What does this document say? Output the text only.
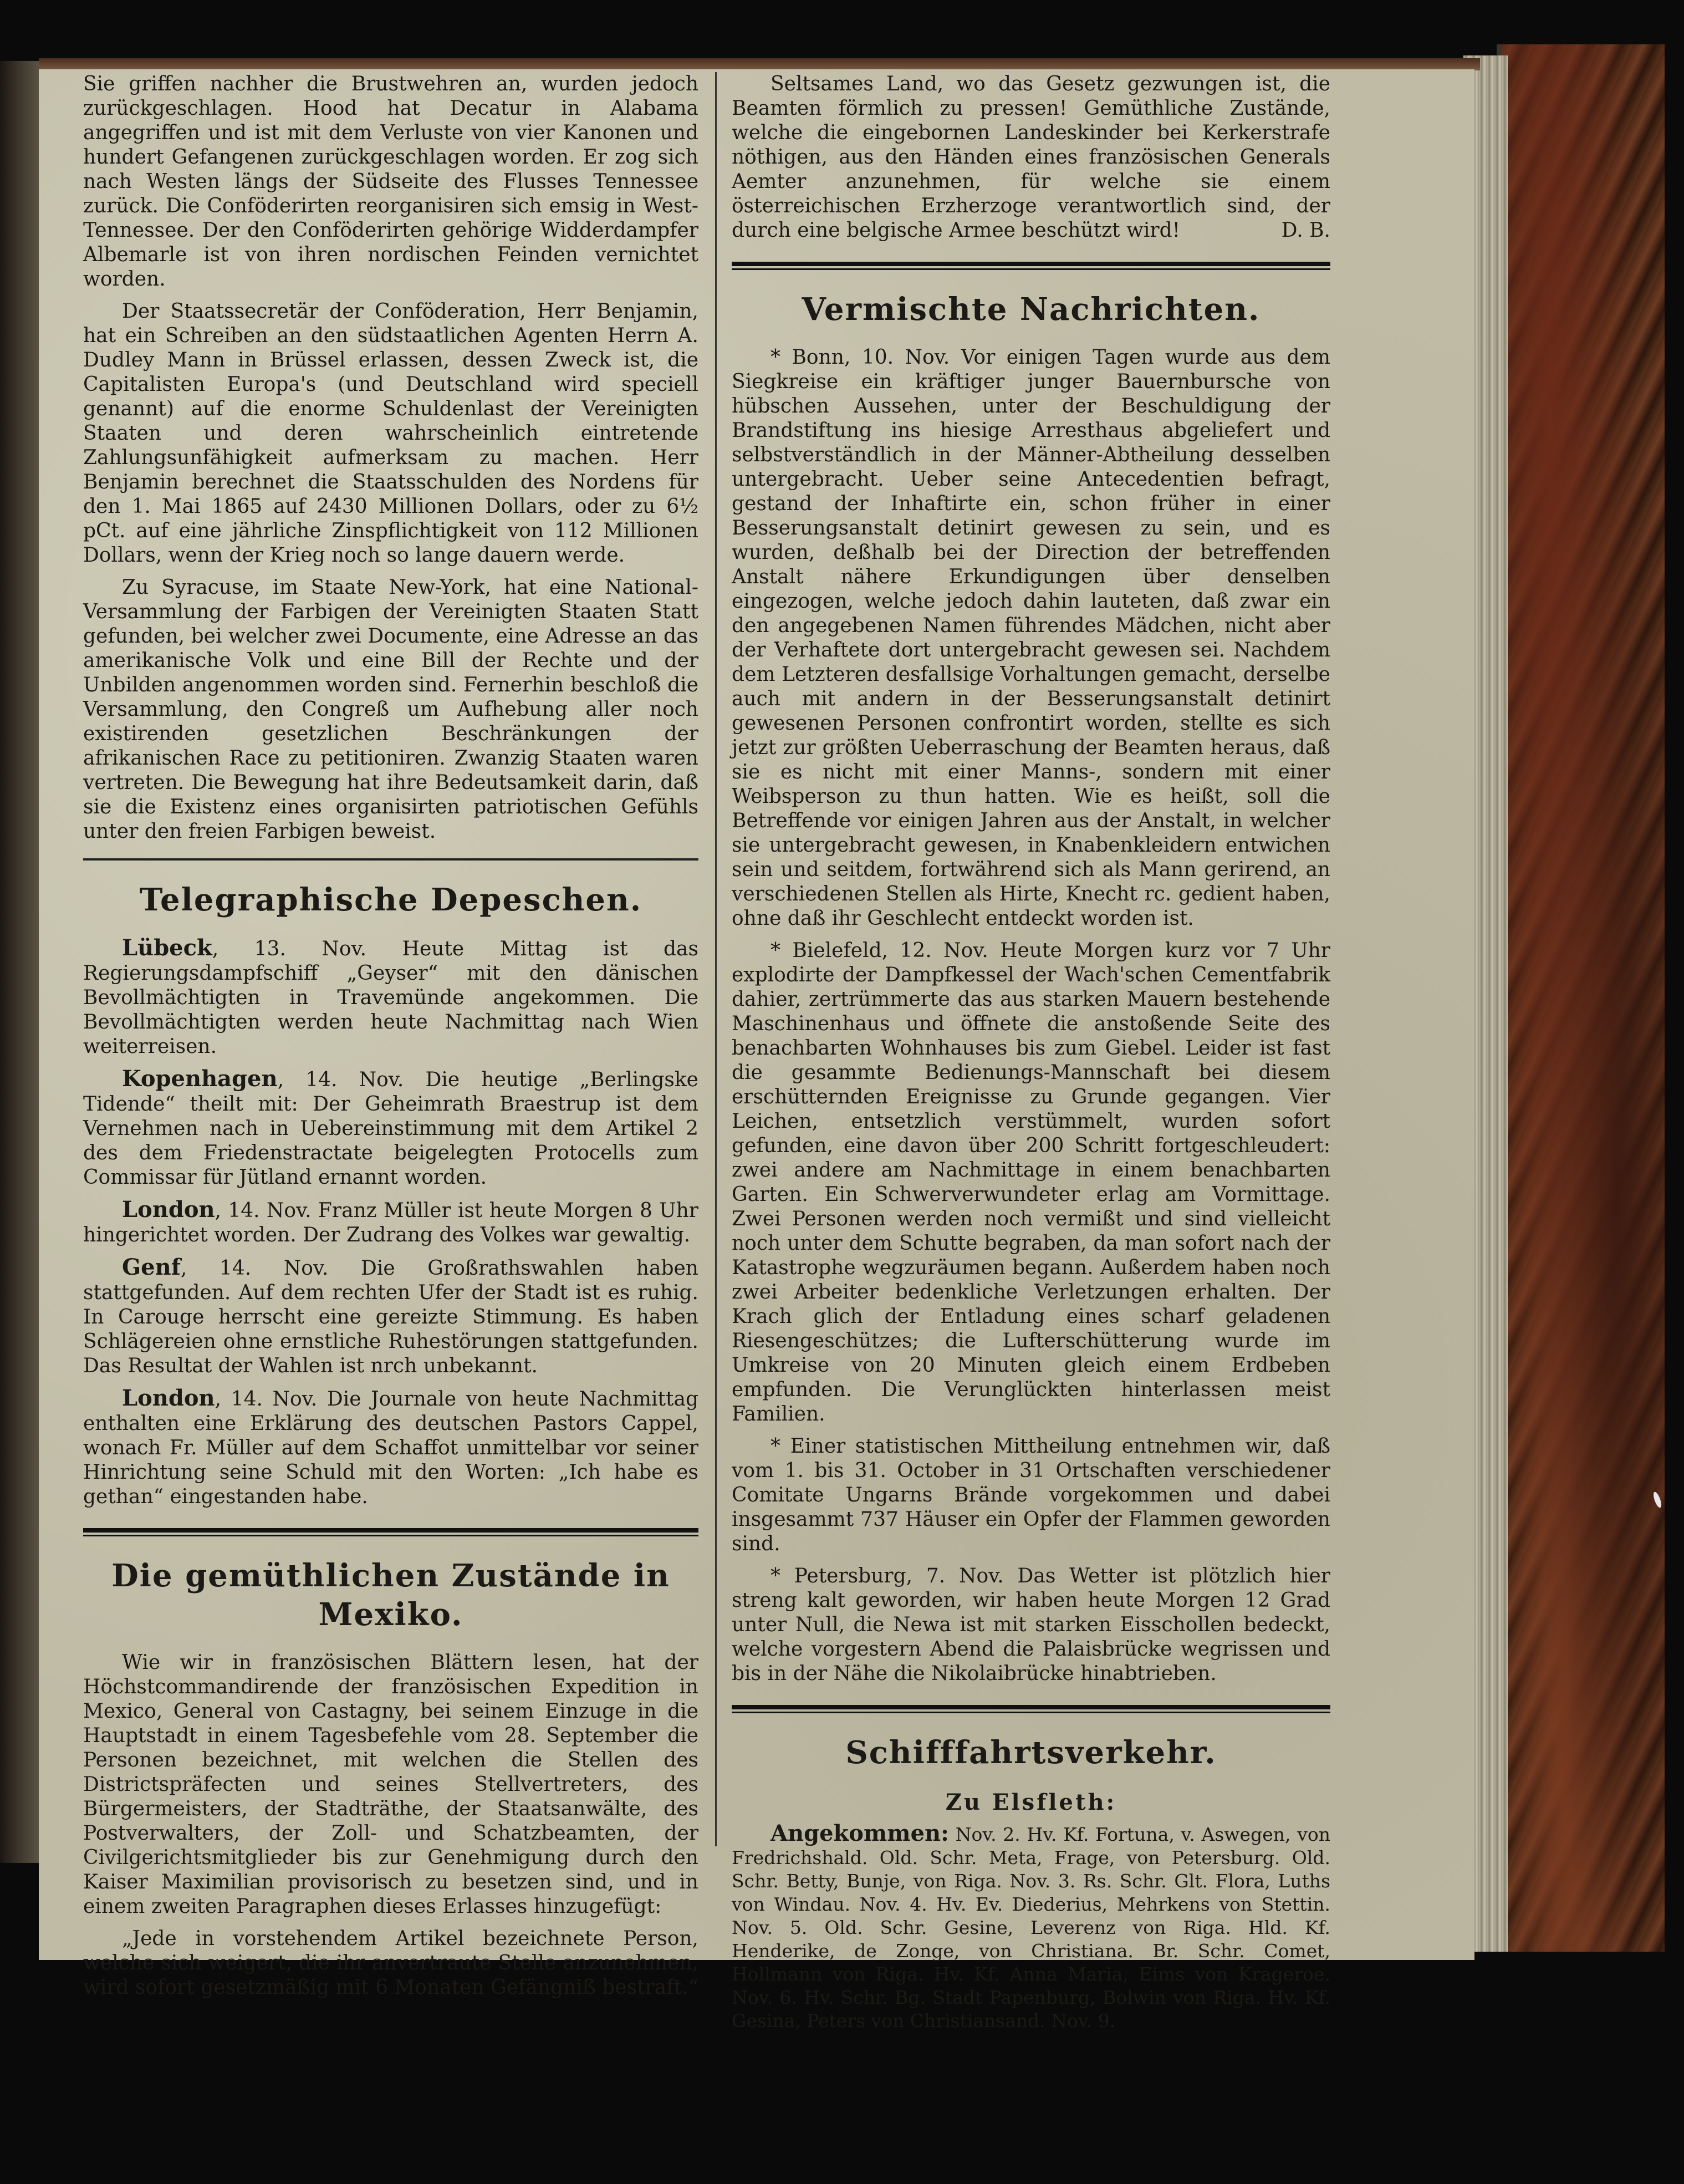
Sie griffen nachher die Brustwehren an, wurden jedoch zurückgeschlagen. Hood hat Decatur in Alabama angegriffen und ist mit dem Verluste von vier Kanonen und hundert Gefangenen zurückgeschlagen worden. Er zog sich nach Westen längs der Südseite des Flusses Tennessee zurück. Die Conföderirten reorganisiren sich emsig in West-Tennessee. Der den Conföderirten gehörige Widderdampfer Albemarle ist von ihren nordischen Feinden vernichtet worden.

Der Staatssecretär der Conföderation, Herr Benjamin, hat ein Schreiben an den südstaatlichen Agenten Herrn A. Dudley Mann in Brüssel erlassen, dessen Zweck ist, die Capitalisten Europa's (und Deutschland wird speciell genannt) auf die enorme Schuldenlast der Vereinigten Staaten und deren wahrscheinlich eintretende Zahlungsunfähigkeit aufmerksam zu machen. Herr Benjamin berechnet die Staatsschulden des Nordens für den 1. Mai 1865 auf 2430 Millionen Dollars, oder zu 6½ pCt. auf eine jährliche Zinspflichtigkeit von 112 Millionen Dollars, wenn der Krieg noch so lange dauern werde.

Zu Syracuse, im Staate New-York, hat eine National-Versammlung der Farbigen der Vereinigten Staaten Statt gefunden, bei welcher zwei Documente, eine Adresse an das amerikanische Volk und eine Bill der Rechte und der Unbilden angenommen worden sind. Fernerhin beschloß die Versammlung, den Congreß um Aufhebung aller noch existirenden gesetzlichen Beschränkungen der afrikanischen Race zu petitioniren. Zwanzig Staaten waren vertreten. Die Bewegung hat ihre Bedeutsamkeit darin, daß sie die Existenz eines organisirten patriotischen Gefühls unter den freien Farbigen beweist.

Telegraphische Depeschen.

Lübeck, 13. Nov. Heute Mittag ist das Regierungsdampfschiff „Geyser“ mit den dänischen Bevollmächtigten in Travemünde angekommen. Die Bevollmächtigten werden heute Nachmittag nach Wien weiterreisen.

Kopenhagen, 14. Nov. Die heutige „Berlingske Tidende“ theilt mit: Der Geheimrath Braestrup ist dem Vernehmen nach in Uebereinstimmung mit dem Artikel 2 des dem Friedenstractate beigelegten Protocells zum Commissar für Jütland ernannt worden.

London, 14. Nov. Franz Müller ist heute Morgen 8 Uhr hingerichtet worden. Der Zudrang des Volkes war gewaltig.

Genf, 14. Nov. Die Großrathswahlen haben stattgefunden. Auf dem rechten Ufer der Stadt ist es ruhig. In Carouge herrscht eine gereizte Stimmung. Es haben Schlägereien ohne ernstliche Ruhestörungen stattgefunden. Das Resultat der Wahlen ist nrch unbekannt.

London, 14. Nov. Die Journale von heute Nachmittag enthalten eine Erklärung des deutschen Pastors Cappel, wonach Fr. Müller auf dem Schaffot unmittelbar vor seiner Hinrichtung seine Schuld mit den Worten: „Ich habe es gethan“ eingestanden habe.

Die gemüthlichen Zustände in Mexiko.

Wie wir in französischen Blättern lesen, hat der Höchstcommandirende der französischen Expedition in Mexico, General von Castagny, bei seinem Einzuge in die Hauptstadt in einem Tagesbefehle vom 28. September die Personen bezeichnet, mit welchen die Stellen des Districtspräfecten und seines Stellvertreters, des Bürgermeisters, der Stadträthe, der Staatsanwälte, des Postverwalters, der Zoll- und Schatzbeamten, der Civilgerichtsmitglieder bis zur Genehmigung durch den Kaiser Maximilian provisorisch zu besetzen sind, und in einem zweiten Paragraphen dieses Erlasses hinzugefügt:

„Jede in vorstehendem Artikel bezeichnete Person, welche sich weigert, die ihr anvertraute Stelle anzunehmen, wird sofort gesetzmäßig mit 6 Monaten Gefängniß bestraft.“

Seltsames Land, wo das Gesetz gezwungen ist, die Beamten förmlich zu pressen! Gemüthliche Zustände, welche die eingebornen Landeskinder bei Kerkerstrafe nöthigen, aus den Händen eines französischen Generals Aemter anzunehmen, für welche sie einem österreichischen Erzherzoge verantwortlich sind, der durch eine belgische Armee beschützt wird!	D. B.

Vermischte Nachrichten.

* Bonn, 10. Nov. Vor einigen Tagen wurde aus dem Siegkreise ein kräftiger junger Bauernbursche von hübschen Aussehen, unter der Beschuldigung der Brandstiftung ins hiesige Arresthaus abgeliefert und selbstverständlich in der Männer-Abtheilung desselben untergebracht. Ueber seine Antecedentien befragt, gestand der Inhaftirte ein, schon früher in einer Besserungsanstalt detinirt gewesen zu sein, und es wurden, deßhalb bei der Direction der betreffenden Anstalt nähere Erkundigungen über denselben eingezogen, welche jedoch dahin lauteten, daß zwar ein den angegebenen Namen führendes Mädchen, nicht aber der Verhaftete dort untergebracht gewesen sei. Nachdem dem Letzteren desfallsige Vorhaltungen gemacht, derselbe auch mit andern in der Besserungsanstalt detinirt gewesenen Personen confrontirt worden, stellte es sich jetzt zur größten Ueberraschung der Beamten heraus, daß sie es nicht mit einer Manns-, sondern mit einer Weibsperson zu thun hatten. Wie es heißt, soll die Betreffende vor einigen Jahren aus der Anstalt, in welcher sie untergebracht gewesen, in Knabenkleidern entwichen sein und seitdem, fortwährend sich als Mann gerirend, an verschiedenen Stellen als Hirte, Knecht rc. gedient haben, ohne daß ihr Geschlecht entdeckt worden ist.

* Bielefeld, 12. Nov. Heute Morgen kurz vor 7 Uhr explodirte der Dampfkessel der Wach'schen Cementfabrik dahier, zertrümmerte das aus starken Mauern bestehende Maschinenhaus und öffnete die anstoßende Seite des benachbarten Wohnhauses bis zum Giebel. Leider ist fast die gesammte Bedienungs-Mannschaft bei diesem erschütternden Ereignisse zu Grunde gegangen. Vier Leichen, entsetzlich verstümmelt, wurden sofort gefunden, eine davon über 200 Schritt fortgeschleudert: zwei andere am Nachmittage in einem benachbarten Garten. Ein Schwerverwundeter erlag am Vormittage. Zwei Personen werden noch vermißt und sind vielleicht noch unter dem Schutte begraben, da man sofort nach der Katastrophe wegzuräumen begann. Außerdem haben noch zwei Arbeiter bedenkliche Verletzungen erhalten. Der Krach glich der Entladung eines scharf geladenen Riesengeschützes; die Lufterschütterung wurde im Umkreise von 20 Minuten gleich einem Erdbeben empfunden. Die Verunglückten hinterlassen meist Familien.

* Einer statistischen Mittheilung entnehmen wir, daß vom 1. bis 31. October in 31 Ortschaften verschiedener Comitate Ungarns Brände vorgekommen und dabei insgesammt 737 Häuser ein Opfer der Flammen geworden sind.

* Petersburg, 7. Nov. Das Wetter ist plötzlich hier streng kalt geworden, wir haben heute Morgen 12 Grad unter Null, die Newa ist mit starken Eisschollen bedeckt, welche vorgestern Abend die Palaisbrücke wegrissen und bis in der Nähe die Nikolaibrücke hinabtrieben.

Schifffahrtsverkehr.
Zu Elsfleth:

Angekommen: Nov. 2. Hv. Kf. Fortuna, v. Aswegen, von Fredrichshald. Old. Schr. Meta, Frage, von Petersburg. Old. Schr. Betty, Bunje, von Riga. Nov. 3. Rs. Schr. Glt. Flora, Luths von Windau. Nov. 4. Hv. Ev. Diederius, Mehrkens von Stettin. Nov. 5. Old. Schr. Gesine, Leverenz von Riga. Hld. Kf. Henderike, de Zonge, von Christiana. Br. Schr. Comet, Hollmann von Riga. Hv. Kf. Anna Maria, Eims von Krageroe. Nov. 6. Hv. Schr. Bg. Stadt Papenburg, Bolwin von Riga. Hv. Kf. Gesina, Peters von Christiansand. Nov. 9.
